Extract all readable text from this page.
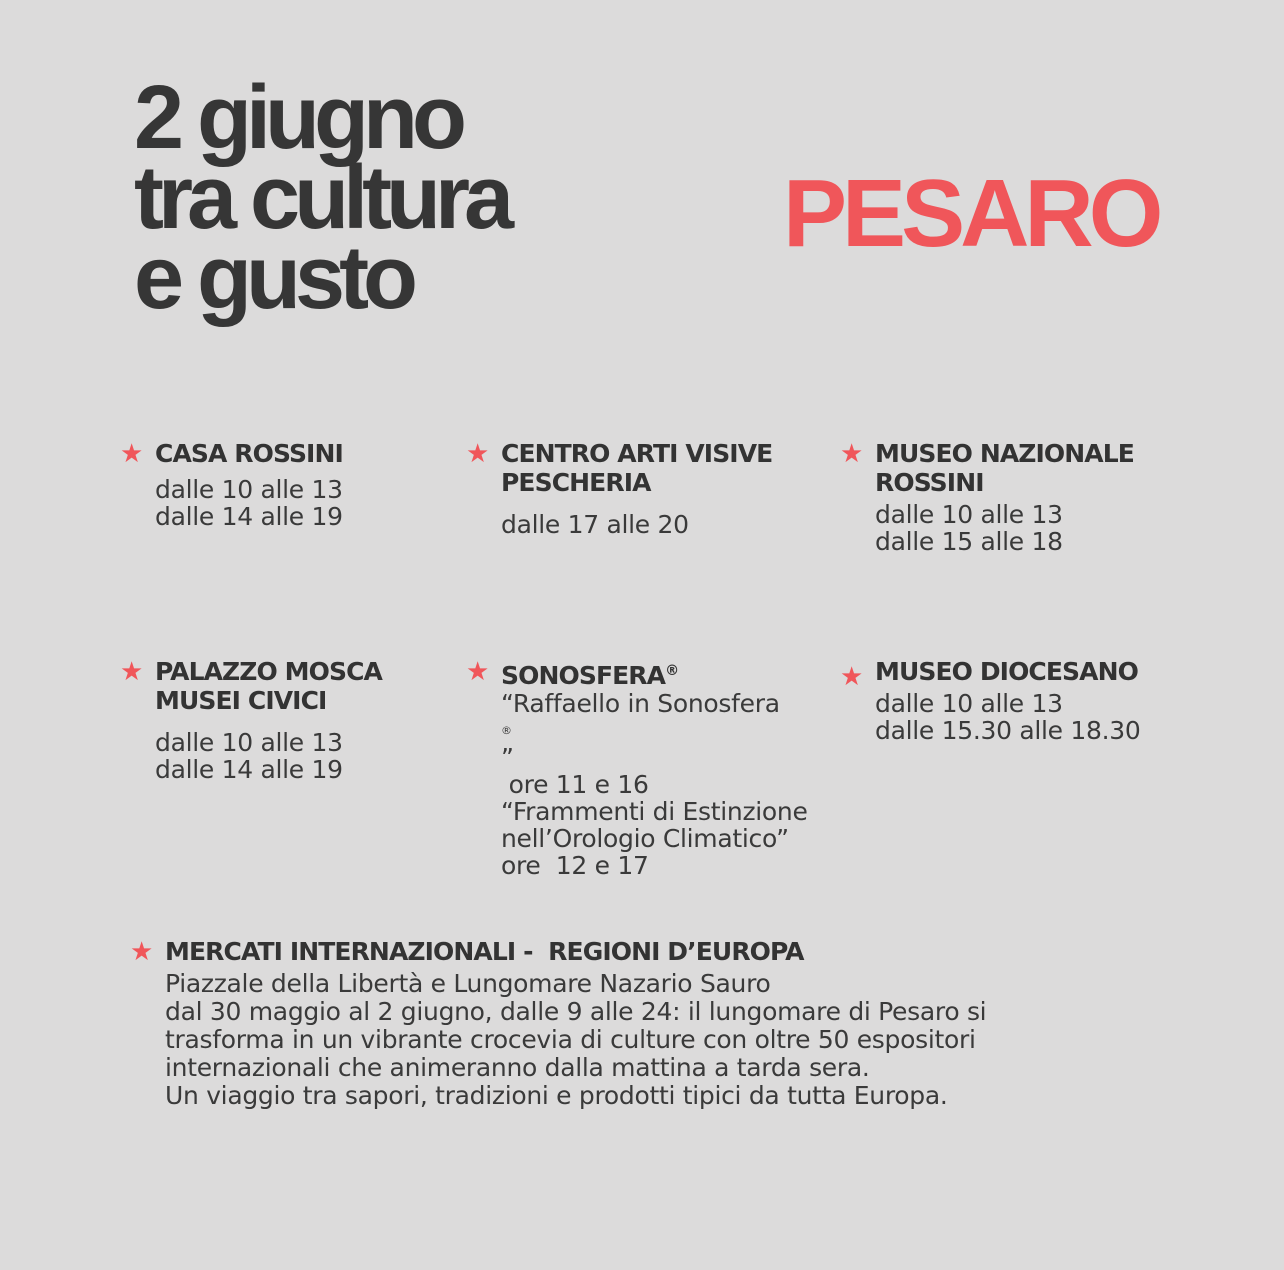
2 giugno
tra cultura
e gusto
PESARO
★ CASA ROSSINI
dalle 10 alle 13
dalle 14 alle 19
★ CENTRO ARTI VISIVE
PESCHERIA
dalle 17 alle 20
★ MUSEO NAZIONALE
ROSSINI
dalle 10 alle 13
dalle 15 alle 18
★ PALAZZO MOSCA
MUSEI CIVICI
dalle 10 alle 13
dalle 14 alle 19
★ SONOSFERA®
“Raffaello in Sonosfera
®
”
ore 11 e 16
“Frammenti di Estinzione
nell’Orologio Climatico”
ore  12 e 17
★ MUSEO DIOCESANO
dalle 10 alle 13
dalle 15.30 alle 18.30
★ MERCATI INTERNAZIONALI -  REGIONI D’EUROPA
Piazzale della Libertà e Lungomare Nazario Sauro
dal 30 maggio al 2 giugno, dalle 9 alle 24: il lungomare di Pesaro si
trasforma in un vibrante crocevia di culture con oltre 50 espositori
internazionali che animeranno dalla mattina a tarda sera.
Un viaggio tra sapori, tradizioni e prodotti tipici da tutta Europa.
